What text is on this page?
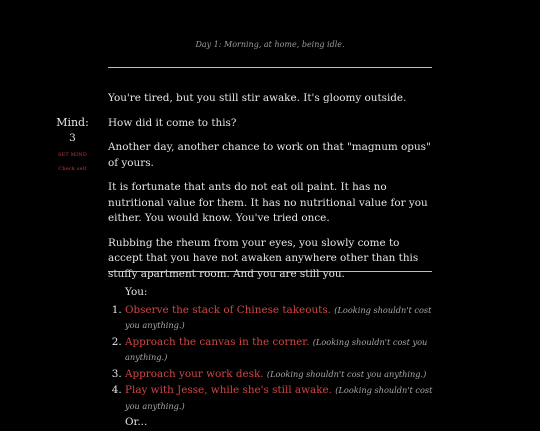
Day 1: Morning, at home, being idle.
Mind:
3
SET MIND
Check self

You're tired, but you still stir awake. It's gloomy outside.

How did it come to this?

Another day, another chance to work on that "magnum opus" of yours.

It is fortunate that ants do not eat oil paint. It has no nutritional value for them. It has no nutritional value for you either. You would know. You've tried once.

Rubbing the rheum from your eyes, you slowly come to accept that you have not awaken anywhere other than this stuffy apartment room. And you are still you.

You:
1. Observe the stack of Chinese takeouts. (Looking shouldn't cost you anything.)
2. Approach the canvas in the corner. (Looking shouldn't cost you anything.)
3. Approach your work desk. (Looking shouldn't cost you anything.)
4. Play with Jesse, while she's still awake. (Looking shouldn't cost you anything.)
Or...
